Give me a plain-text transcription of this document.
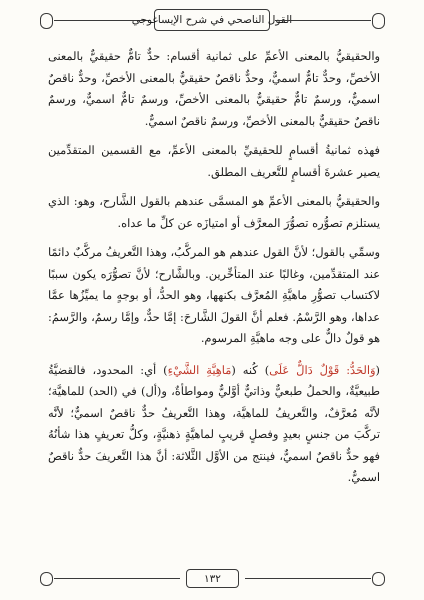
القول الناصحي في شرح الإيساغوجي

والحقيقيُّ بالمعنى الأعمِّ على ثمانية أقسام: حدٌّ تامٌّ حقيقيٌّ بالمعنى الأخصِّ، وحدٌّ تامٌّ اسميٌّ، وحدٌّ ناقصٌ حقيقيٌّ بالمعنى الأخصِّ، وحدٌّ ناقصٌ اسميٌّ، ورسمٌ تامٌّ حقيقيٌّ بالمعنى الأخصِّ، ورسمٌ تامٌّ اسميٌّ، ورسمٌ ناقصٌ حقيقيٌّ بالمعنى الأخصِّ، ورسمٌ ناقصٌ اسميٌّ.

فهذه ثمانيةُ أقسامٍ للحقيقيِّ بالمعنى الأعمِّ، مع القسمين المتقدِّمين يصير عشرةَ أقسامٍ للتَّعريف المطلق.

والحقيقيُّ بالمعنى الأعمِّ هو المسمَّى عندهم بالقول الشَّارح، وهو: الذي يستلزم تصوُّره تصوُّرَ المعرَّف أو امتيازَه عن كلِّ ما عداه.

وسمِّي بالقول؛ لأنَّ القول عندهم هو المركَّبُ، وهذا التَّعريفُ مركَّبٌ دائمًا عند المتقدِّمين، وغالبًا عند المتأخِّرين. وبالشَّارح؛ لأنَّ تصوُّرَه يكون سببًا لاكتساب تصوُّرِ ماهيَّةِ المُعرَّف بكنهها، وهو الحدُّ، أو بوجهٍ ما يميِّزُها عمَّا عداها، وهو الرَّسْمُ. فعلم أنَّ القولَ الشَّارحَ: إمَّا حدٌّ، وإمَّا رسمٌ، والرَّسمُ: هو قولٌ دالٌّ على وجه ماهيَّةِ المرسوم.

(وَالحَدُّ: قَوْلٌ دَالٌّ عَلَى) كُنه (مَاهِيَّةِ الشَّيْءِ) أي: المحدود، فالقضيَّةُ طبيعيَّةٌ، والحملُ طبعيٌّ وذاتيٌّ أوَّليٌّ ومواطأةٌ، و(أل) في (الحد) للماهيَّة؛ لأنَّه مُعرَّفٌ، والتَّعريفُ للماهيَّة، وهذا التَّعريفُ حدٌّ ناقصٌ اسميٌّ؛ لأنَّه تركَّبَ من جنسٍ بعيدٍ وفصلٍ قريبٍ لماهيَّةٍ ذهنيَّةٍ، وكلُّ تعريفٍ هذا شأنُهُ فهو حدٌّ ناقصٌ اسميٌّ، فينتج من الأوَّل الثَّلاثة: أنَّ هذا التَّعريفَ حدٌّ ناقصٌ اسميٌّ.

١٣٢
